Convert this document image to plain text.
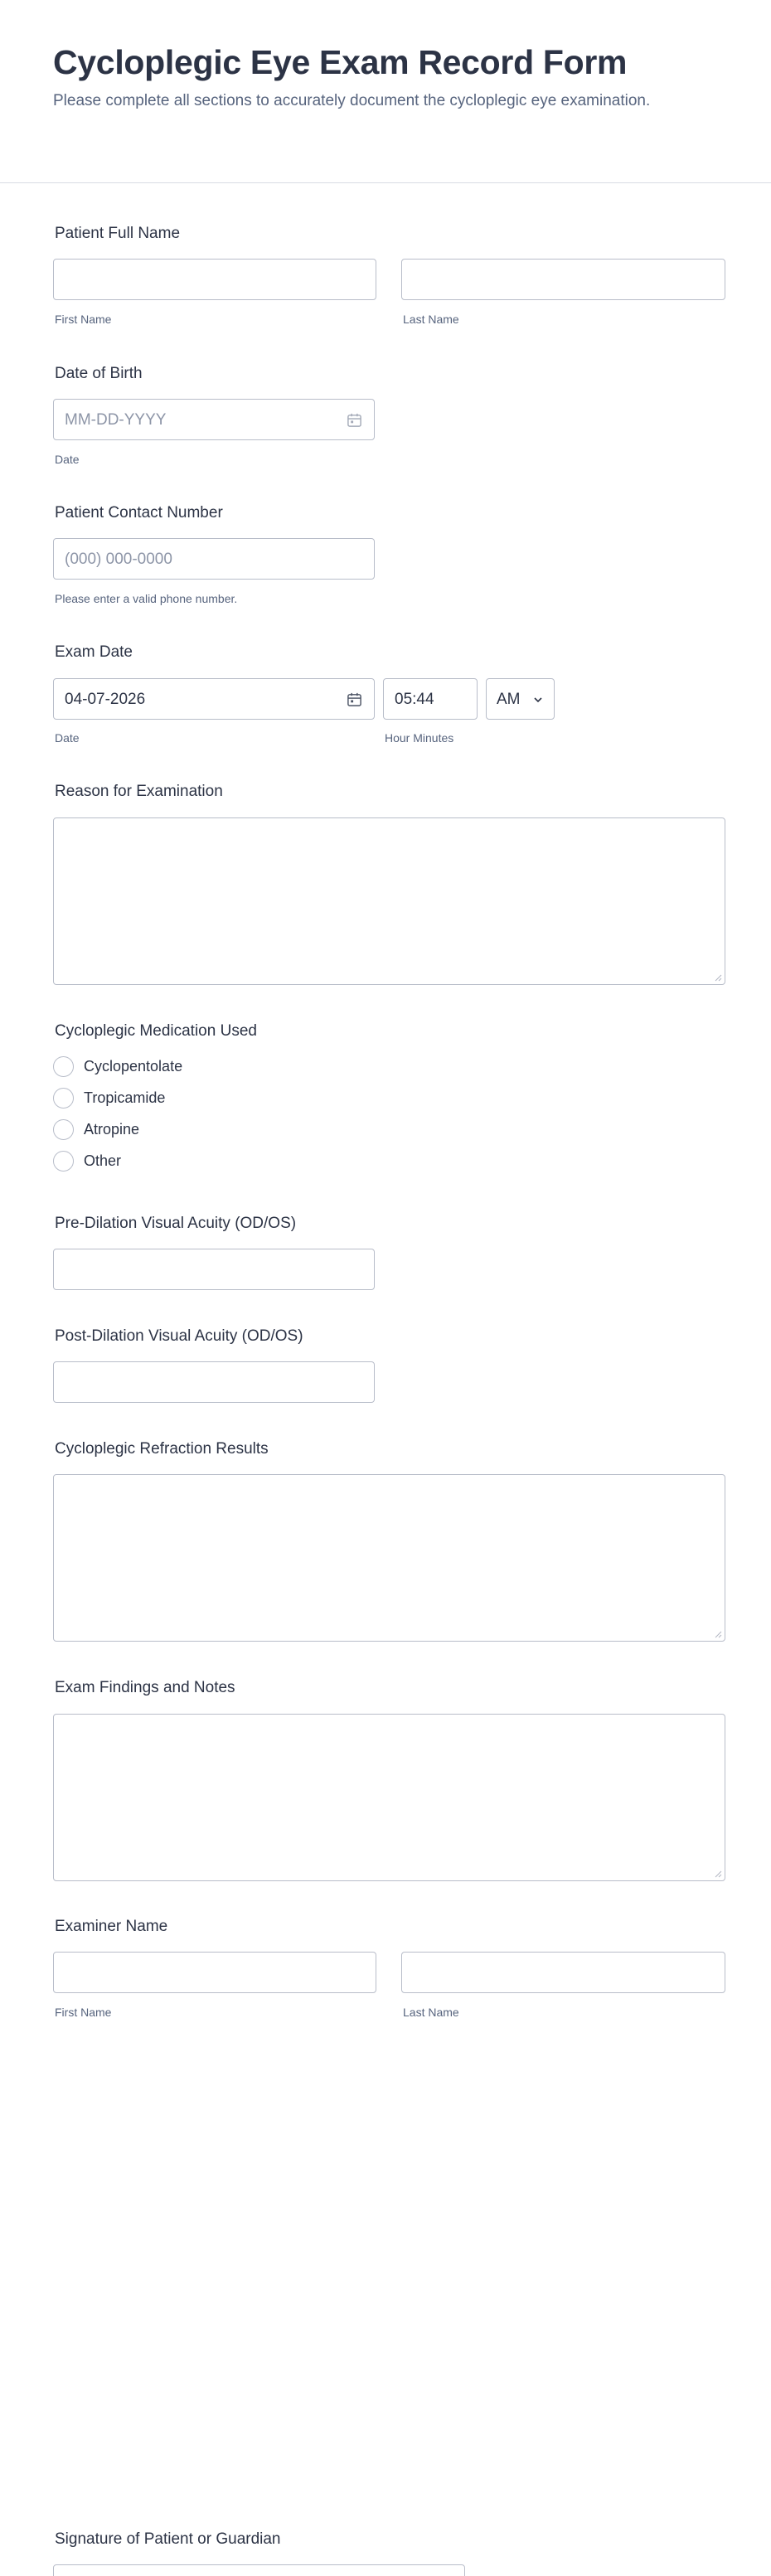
Cycloplegic Eye Exam Record Form
Please complete all sections to accurately document the cycloplegic eye examination.
Patient Full Name
First Name	Last Name
Date of Birth
MM-DD-YYYY
Date
Patient Contact Number
(000) 000-0000
Please enter a valid phone number.
Exam Date
04-07-2026	05:44	AM
Date	Hour Minutes
Reason for Examination
Cycloplegic Medication Used
Cyclopentolate
Tropicamide
Atropine
Other
Pre-Dilation Visual Acuity (OD/OS)
Post-Dilation Visual Acuity (OD/OS)
Cycloplegic Refraction Results
Exam Findings and Notes
Examiner Name
First Name	Last Name
Signature of Patient or Guardian
